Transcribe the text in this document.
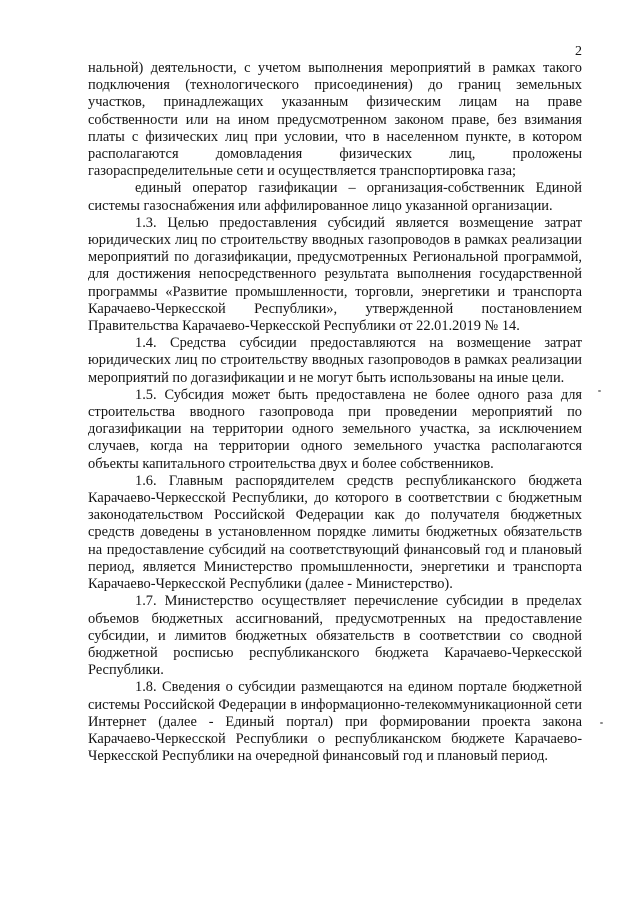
2

нальной) деятельности, с учетом выполнения мероприятий в рамках такого подключения (технологического присоединения) до границ земельных участков, принадлежащих указанным физическим лицам на праве собственности или на ином предусмотренном законом праве, без взимания платы с физических лиц при условии, что в населенном пункте, в котором располагаются домовладения физических лиц, проложены газораспределительные сети и осуществляется транспортировка газа;

единый оператор газификации – организация-собственник Единой системы газоснабжения или аффилированное лицо указанной организации.

1.3. Целью предоставления субсидий является возмещение затрат юридических лиц по строительству вводных газопроводов в рамках реализации мероприятий по догазификации, предусмотренных Региональной программой, для достижения непосредственного результата выполнения государственной программы «Развитие промышленности, торговли, энергетики и транспорта Карачаево-Черкесской Республики», утвержденной постановлением Правительства Карачаево-Черкесской Республики от 22.01.2019 № 14.

1.4. Средства субсидии предоставляются на возмещение затрат юридических лиц по строительству вводных газопроводов в рамках реализации мероприятий по догазификации и не могут быть использованы на иные цели.

1.5. Субсидия может быть предоставлена не более одного раза для строительства вводного газопровода при проведении мероприятий по догазификации на территории одного земельного участка, за исключением случаев, когда на территории одного земельного участка располагаются объекты капитального строительства двух и более собственников.

1.6. Главным распорядителем средств республиканского бюджета Карачаево-Черкесской Республики, до которого в соответствии с бюджетным законодательством Российской Федерации как до получателя бюджетных средств доведены в установленном порядке лимиты бюджетных обязательств на предоставление субсидий на соответствующий финансовый год и плановый период, является Министерство промышленности, энергетики и транспорта Карачаево-Черкесской Республики (далее - Министерство).

1.7. Министерство осуществляет перечисление субсидии в пределах объемов бюджетных ассигнований, предусмотренных на предоставление субсидии, и лимитов бюджетных обязательств в соответствии со сводной бюджетной росписью республиканского бюджета Карачаево-Черкесской Республики.

1.8. Сведения о субсидии размещаются на едином портале бюджетной системы Российской Федерации в информационно-телекоммуникационной сети Интернет (далее - Единый портал) при формировании проекта закона Карачаево-Черкесской Республики о республиканском бюджете Карачаево-Черкесской Республики на очередной финансовый год и плановый период.
